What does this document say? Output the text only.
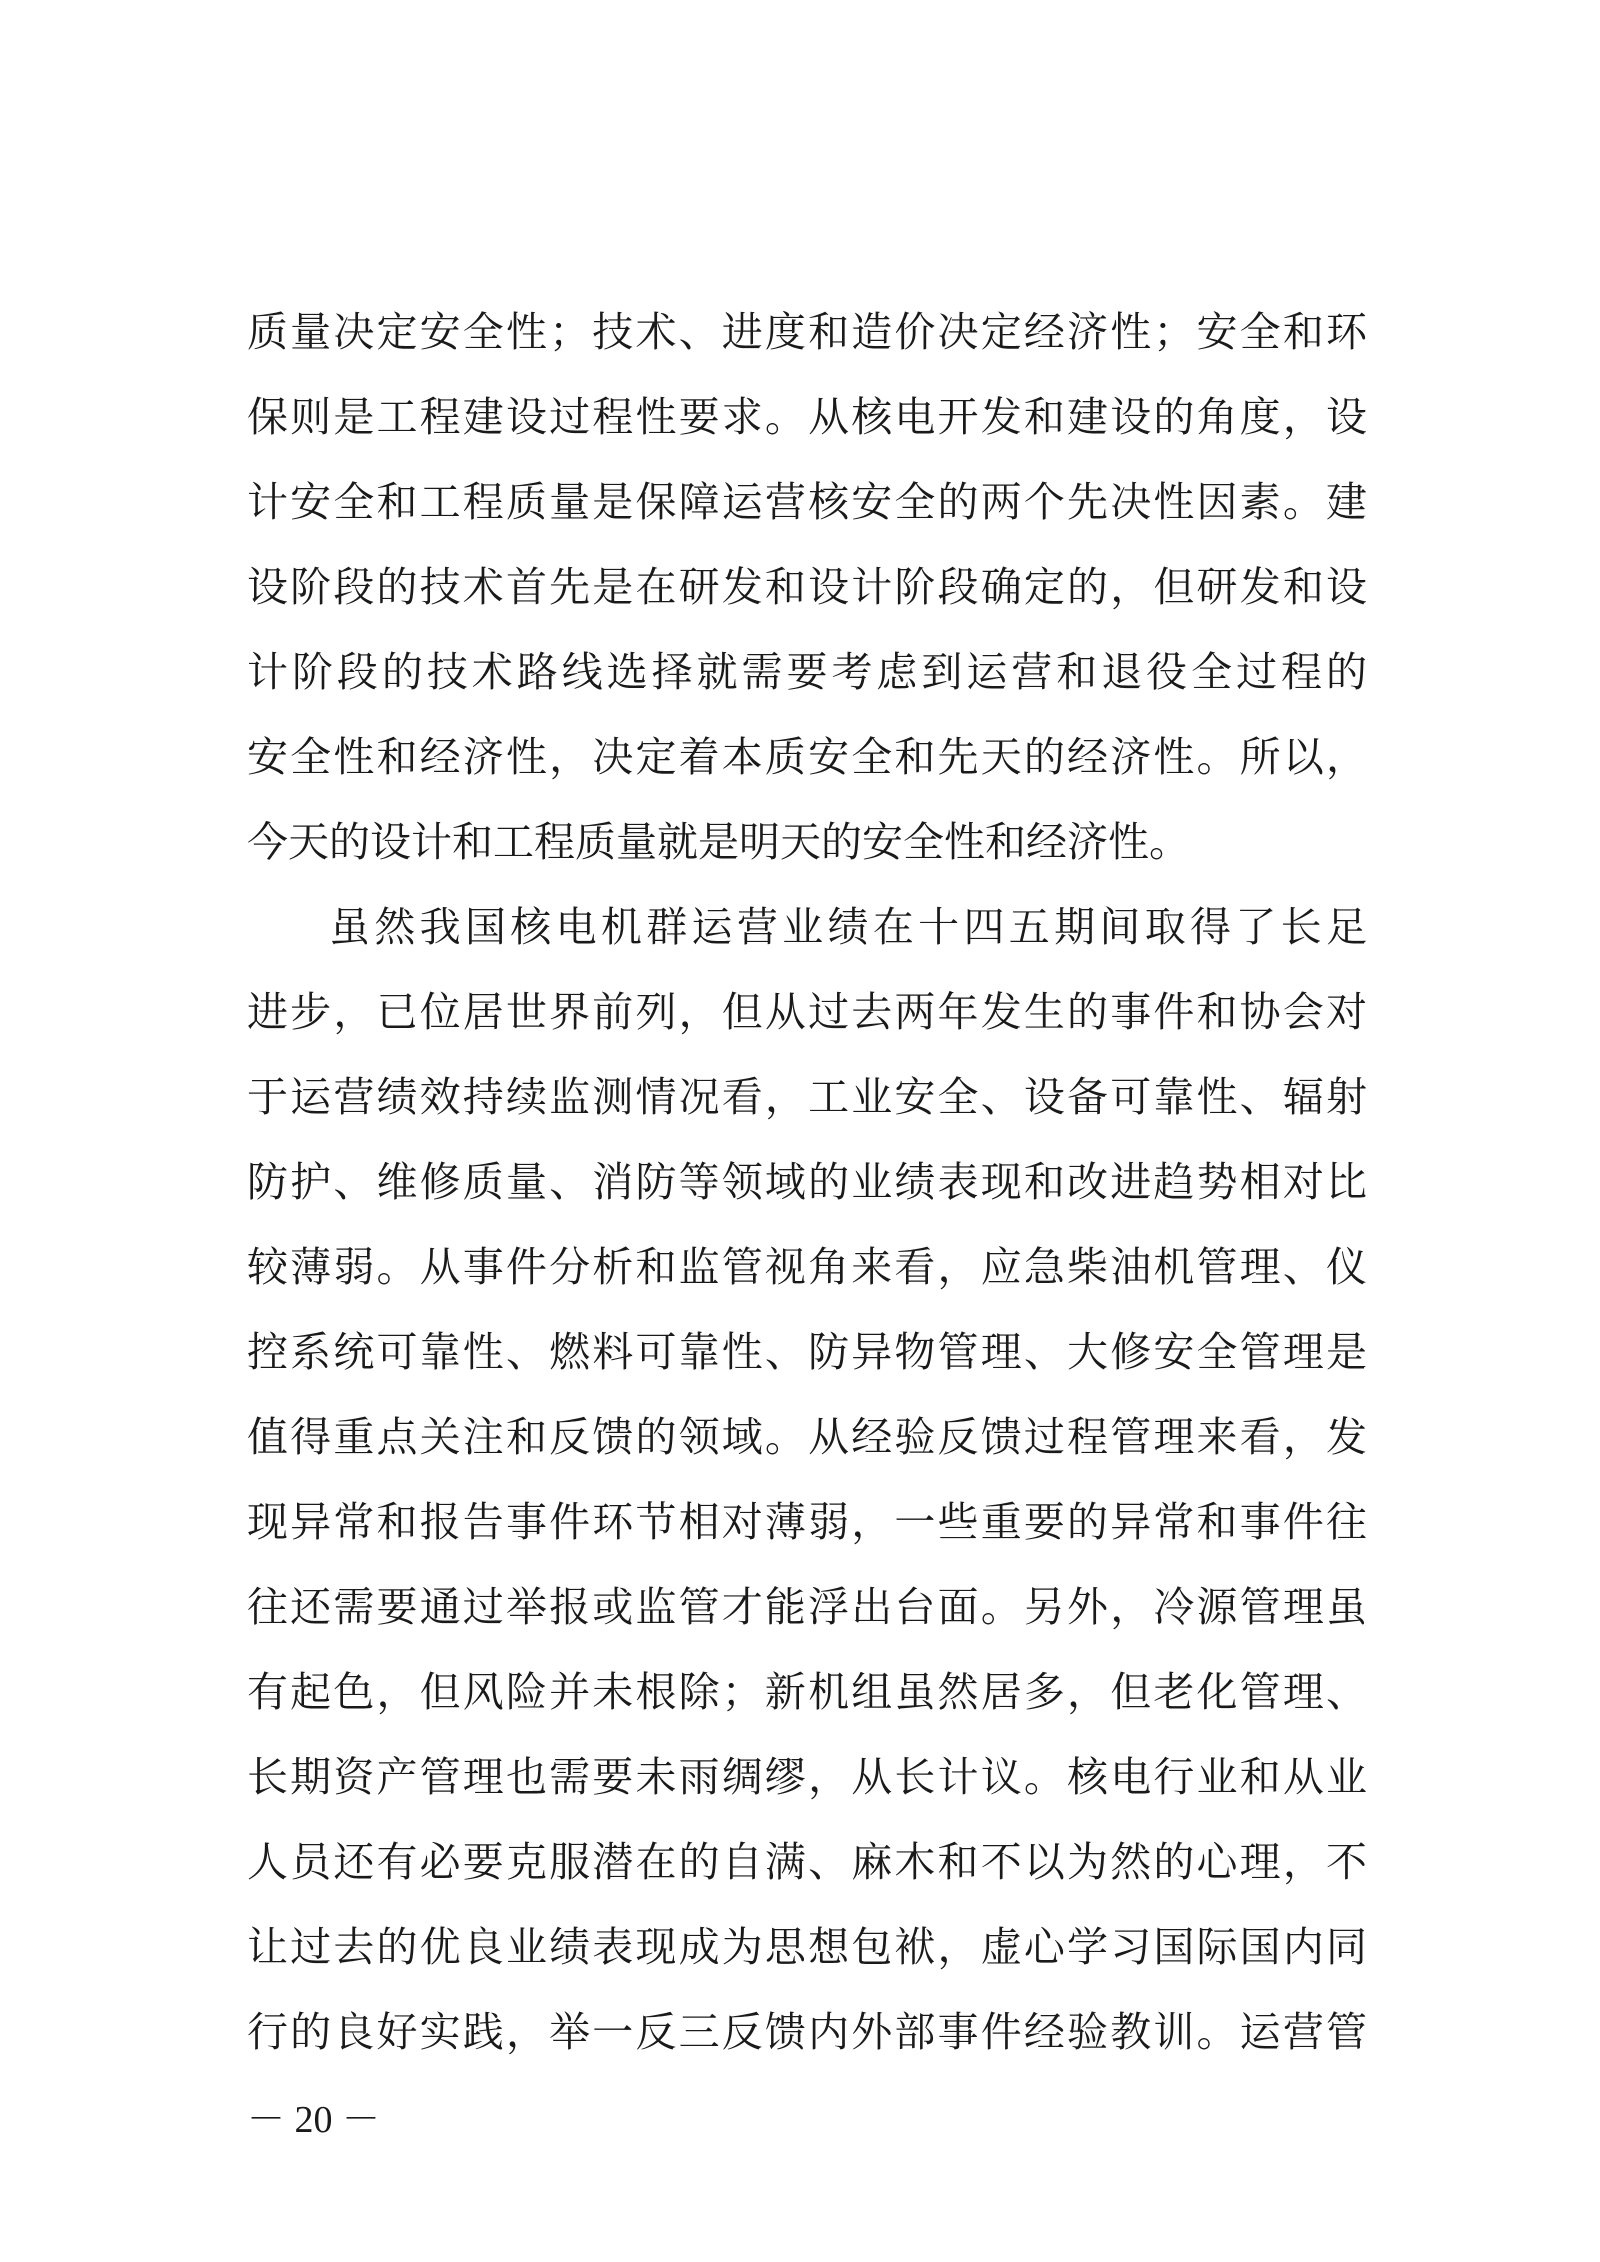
质量决定安全性；技术、进度和造价决定经济性；安全和环
保则是工程建设过程性要求。从核电开发和建设的角度，设
计安全和工程质量是保障运营核安全的两个先决性因素。建
设阶段的技术首先是在研发和设计阶段确定的，但研发和设
计阶段的技术路线选择就需要考虑到运营和退役全过程的
安全性和经济性，决定着本质安全和先天的经济性。所以，
今天的设计和工程质量就是明天的安全性和经济性。
虽然我国核电机群运营业绩在十四五期间取得了长足
进步，已位居世界前列，但从过去两年发生的事件和协会对
于运营绩效持续监测情况看，工业安全、设备可靠性、辐射
防护、维修质量、消防等领域的业绩表现和改进趋势相对比
较薄弱。从事件分析和监管视角来看，应急柴油机管理、仪
控系统可靠性、燃料可靠性、防异物管理、大修安全管理是
值得重点关注和反馈的领域。从经验反馈过程管理来看，发
现异常和报告事件环节相对薄弱，一些重要的异常和事件往
往还需要通过举报或监管才能浮出台面。另外，冷源管理虽
有起色，但风险并未根除；新机组虽然居多，但老化管理、
长期资产管理也需要未雨绸缪，从长计议。核电行业和从业
人员还有必要克服潜在的自满、麻木和不以为然的心理，不
让过去的优良业绩表现成为思想包袱，虚心学习国际国内同
行的良好实践，举一反三反馈内外部事件经验教训。运营管
－ 20 －
